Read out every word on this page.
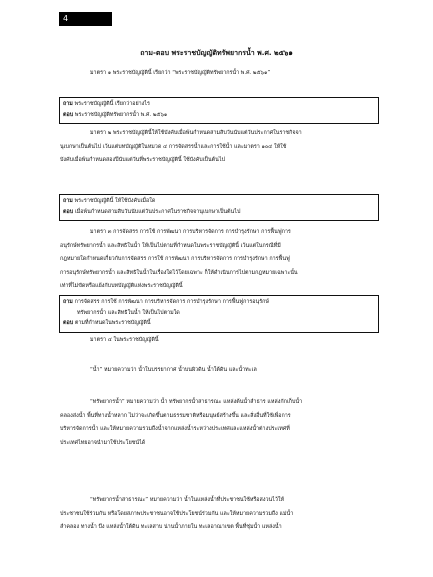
4
ถาม-ตอบ พระราชบัญญัติทรัพยากรน้ำ พ.ศ. ๒๕๖๑

มาตรา ๑ พระราชบัญญัตินี้ เรียกว่า “พระราชบัญญัติทรัพยากรน้ำ พ.ศ. ๒๕๖๑”

ถาม พระราชบัญญัตินี้ เรียกว่าอย่างไร
ตอบ พระราชบัญญัติทรัพยากรน้ำ พ.ศ. ๒๕๖๑
มาตรา ๒ พระราชบัญญัตินี้ให้ใช้บังคับเมื่อพ้นกำหนดสามสิบวันนับแต่วันประกาศในราชกิจจา
นุเบกษาเป็นต้นไป เว้นแต่บทบัญญัติในหมวด ๔ การจัดสรรน้ำและการใช้น้ำ และมาตรา ๑๐๔ ให้ใช้
บังคับเมื่อพ้นกำหนดสองปีนับแต่วันที่พระราชบัญญัตินี้ ใช้บังคับเป็นต้นไป
ถาม พระราชบัญญัตินี้ ให้ใช้บังคับเมื่อใด
ตอบ เมื่อพ้นกำหนดสามสิบวันนับแต่วันประกาศในราชกิจจานุเบกษาเป็นต้นไป
มาตรา ๓ การจัดสรร การใช้ การพัฒนา การบริหารจัดการ การบำรุงรักษา การฟื้นฟูการ
อนุรักษ์ทรัพยากรน้ำ และสิทธิในน้ำ ให้เป็นไปตามที่กำหนดในพระราชบัญญัตินี้ เว้นแต่ในกรณีที่มี
กฎหมายใดกำหนดเกี่ยวกับการจัดสรร การใช้ การพัฒนา การบริหารจัดการ การบำรุงรักษา การฟื้นฟู
การอนุรักษ์ทรัพยากรน้ำ และสิทธิในน้ำในเรื่องใดไว้โดยเฉพาะ ก็ให้ดำเนินการไปตามกฎหมายเฉพาะนั้น
เท่าที่ไม่ขัดหรือแย้งกับบทบัญญัติแห่งพระราชบัญญัตินี้
ถาม การจัดสรร การใช้ การพัฒนา การบริหารจัดการ การบำรุงรักษา การฟื้นฟูการอนุรักษ์
ทรัพยากรน้ำ และสิทธิในน้ำ ให้เป็นไปตามใด
ตอบ ตามที่กำหนดในพระราชบัญญัตินี้

มาตรา ๔ ในพระราชบัญญัตินี้

“น้ำ” หมายความว่า น้ำในบรรยากาศ น้ำบนผิวดิน น้ำใต้ดิน และน้ำทะเล

“ทรัพยากรน้ำ” หมายความว่า น้ำ ทรัพยากรน้ำสาธารณะ แหล่งต้นน้ำลำธาร แหล่งกักเก็บน้ำ
คลองส่งน้ำ พื้นที่ทางน้ำหลาก ไม่ว่าจะเกิดขึ้นตามธรรมชาติหรือมนุษย์สร้างขึ้น และสิ่งอื่นที่ใช้เพื่อการ
บริหารจัดการน้ำ และให้หมายความรวมถึงน้ำจากแหล่งน้ำระหว่างประเทศและแหล่งน้ำต่างประเทศที่
ประเทศไทยอาจนำมาใช้ประโยชน์ได้
“ทรัพยากรน้ำสาธารณะ” หมายความว่า น้ำในแหล่งน้ำที่ประชาชนใช้หรือสงวนไว้ให้
ประชาชนใช้ร่วมกัน หรือโดยสภาพประชาชนอาจใช้ประโยชน์ร่วมกัน และให้หมายความรวมถึง แม่น้ำ
ลำคลอง ทางน้ำ บึง แหล่งน้ำใต้ดิน ทะเลสาบ น่านน้ำภายใน ทะเลอาณาเขต พื้นที่ชุ่มน้ำ แหล่งน้ำ
